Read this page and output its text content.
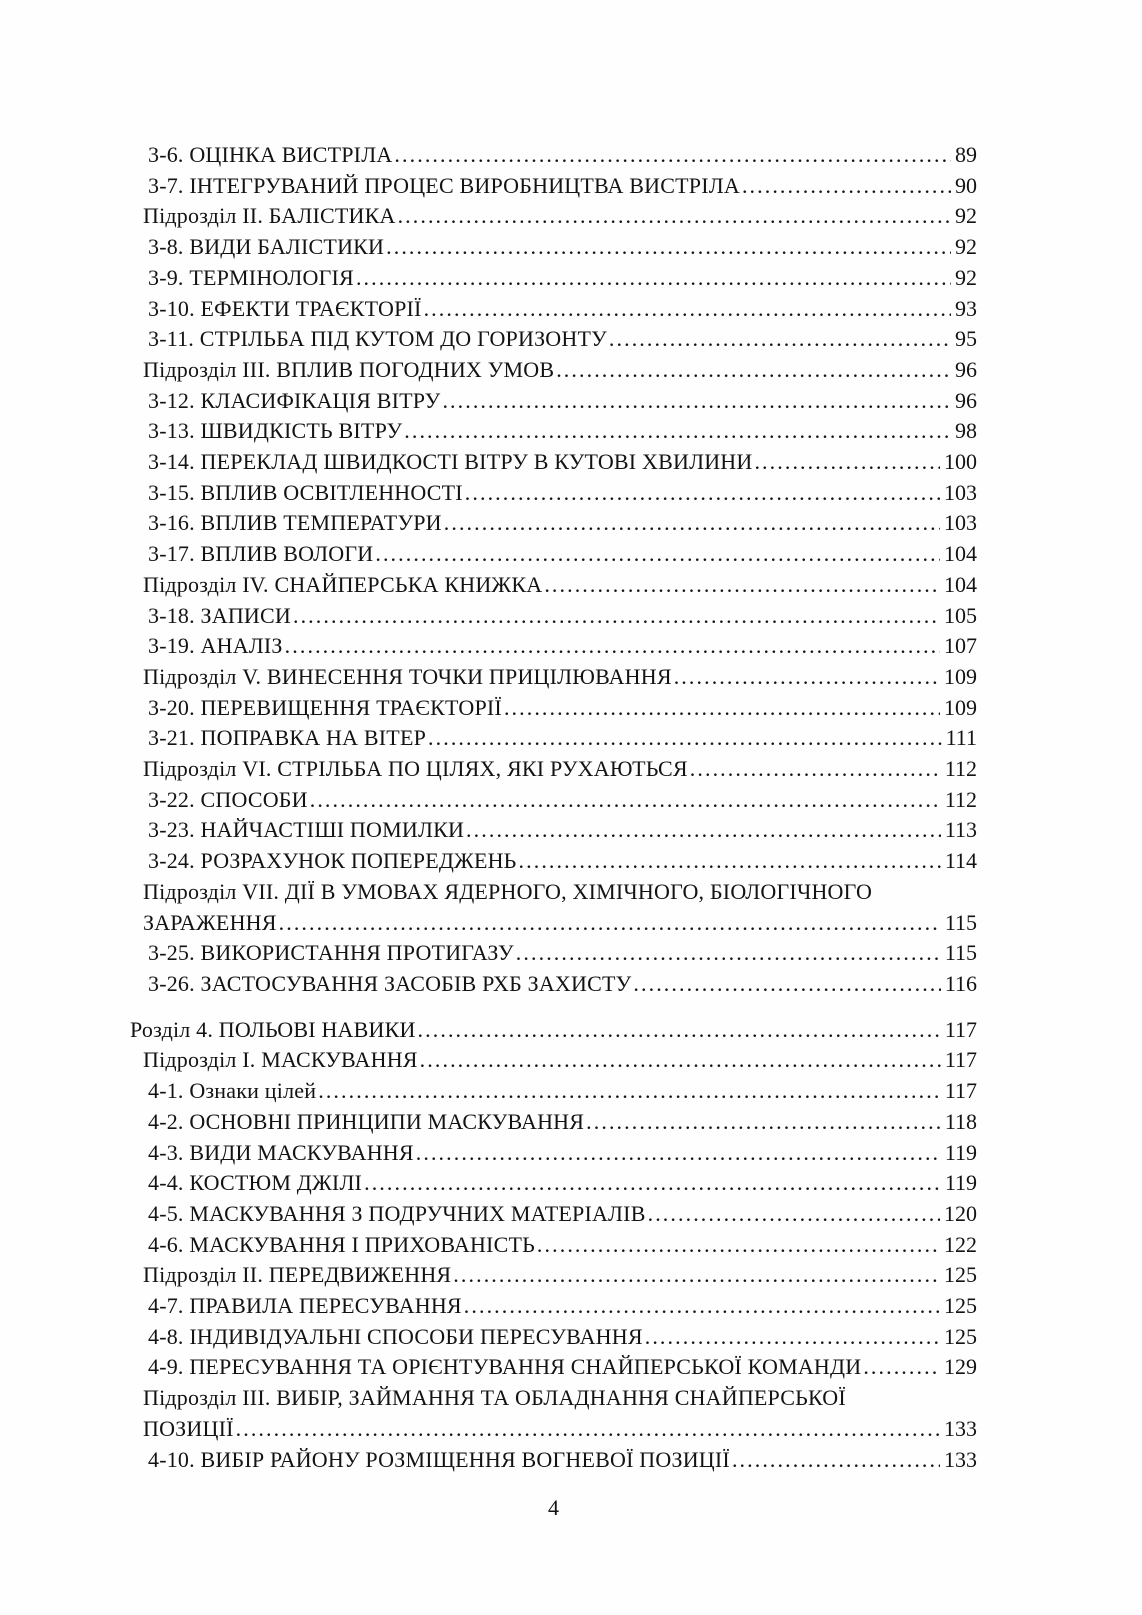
3-6. ОЦІНКА ВИСТРІЛА .....	89
3-7. ІНТЕГРУВАНИЙ ПРОЦЕС ВИРОБНИЦТВА ВИСТРІЛА .....	90
Підрозділ II. БАЛІСТИКА .....	92
3-8. ВИДИ БАЛІСТИКИ .....	92
3-9. ТЕРМІНОЛОГІЯ .....	92
3-10. ЕФЕКТИ ТРАЄКТОРІЇ .....	93
3-11. СТРІЛЬБА ПІД КУТОМ ДО ГОРИЗОНТУ .....	95
Підрозділ III. ВПЛИВ ПОГОДНИХ УМОВ .....	96
3-12. КЛАСИФІКАЦІЯ ВІТРУ .....	96
3-13. ШВИДКІСТЬ ВІТРУ .....	98
3-14. ПЕРЕКЛАД ШВИДКОСТІ ВІТРУ В КУТОВІ ХВИЛИНИ .....	100
3-15. ВПЛИВ ОСВІТЛЕННОСТІ .....	103
3-16. ВПЛИВ ТЕМПЕРАТУРИ .....	103
3-17. ВПЛИВ ВОЛОГИ .....	104
Підрозділ IV. СНАЙПЕРСЬКА КНИЖКА .....	104
3-18. ЗАПИСИ .....	105
3-19. АНАЛІЗ .....	107
Підрозділ V. ВИНЕСЕННЯ ТОЧКИ ПРИЦІЛЮВАННЯ .....	109
3-20. ПЕРЕВИЩЕННЯ ТРАЄКТОРІЇ .....	109
3-21. ПОПРАВКА НА ВІТЕР .....	111
Підрозділ VI. СТРІЛЬБА ПО ЦІЛЯХ, ЯКІ РУХАЮТЬСЯ .....	112
3-22. СПОСОБИ .....	112
3-23. НАЙЧАСТІШІ ПОМИЛКИ .....	113
3-24. РОЗРАХУНОК ПОПЕРЕДЖЕНЬ .....	114
Підрозділ VII. ДІЇ В УМОВАХ ЯДЕРНОГО, ХІМІЧНОГО, БІОЛОГІЧНОГО
ЗАРАЖЕННЯ .....	115
3-25. ВИКОРИСТАННЯ ПРОТИГАЗУ .....	115
3-26. ЗАСТОСУВАННЯ ЗАСОБІВ РХБ ЗАХИСТУ .....	116
Розділ 4. ПОЛЬОВІ НАВИКИ .....	117
Підрозділ I. МАСКУВАННЯ .....	117
4-1. Ознаки цілей .....	117
4-2. ОСНОВНІ ПРИНЦИПИ МАСКУВАННЯ .....	118
4-3. ВИДИ МАСКУВАННЯ .....	119
4-4. КОСТЮМ ДЖІЛІ .....	119
4-5. МАСКУВАННЯ З ПОДРУЧНИХ МАТЕРІАЛІВ .....	120
4-6. МАСКУВАННЯ І ПРИХОВАНІСТЬ .....	122
Підрозділ II. ПЕРЕДВИЖЕННЯ .....	125
4-7. ПРАВИЛА ПЕРЕСУВАННЯ .....	125
4-8. ІНДИВІДУАЛЬНІ СПОСОБИ ПЕРЕСУВАННЯ .....	125
4-9. ПЕРЕСУВАННЯ ТА ОРІЄНТУВАННЯ СНАЙПЕРСЬКОЇ КОМАНДИ .....	129
Підрозділ III. ВИБІР, ЗАЙМАННЯ ТА ОБЛАДНАННЯ СНАЙПЕРСЬКОЇ
ПОЗИЦІЇ .....	133
4-10. ВИБІР РАЙОНУ РОЗМІЩЕННЯ ВОГНЕВОЇ ПОЗИЦІЇ .....	133
4
